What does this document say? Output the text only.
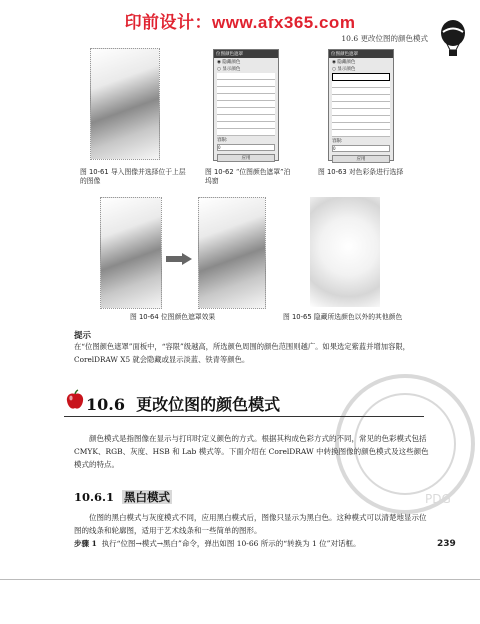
印前设计：www.afx365.com
10.6 更改位图的颜色模式
图 10-61 导入图像并选择位于上层的图像
位图颜色遮罩
◉ 隐藏颜色
○ 显示颜色
容限:
0
应用
图 10-62 “位图颜色遮罩”泊坞窗
位图颜色遮罩
◉ 隐藏颜色
○ 显示颜色
容限:
0
应用
图 10-63 对色彩条进行选择
图 10-64 位图颜色遮罩效果	图 10-65 隐藏所选颜色以外的其他颜色
提示
在“位图颜色遮罩”面板中，“容限”级越高，所选颜色周围的颜色范围则越广。如果选定紫蓝并增加容限，CorelDRAW X5 就会隐藏或显示淡蓝、铁青等颜色。
PDG
10.6 更改位图的颜色模式
颜色模式是指图像在显示与打印时定义颜色的方式。根据其构成色彩方式的不同，常见的色彩模式包括 CMYK、RGB、灰度、HSB 和 Lab 模式等。下面介绍在 CorelDRAW 中转换图像的颜色模式及这些颜色模式的特点。
10.6.1 黑白模式
位图的黑白模式与灰度模式不同，应用黑白模式后，图像只显示为黑白色。这种模式可以清楚地显示位图的线条和轮廓图，适用于艺术线条和一些简单的图形。
步骤 1 执行“位图→模式→黑白”命令，弹出如图 10-66 所示的“转换为 1 位”对话框。	239
